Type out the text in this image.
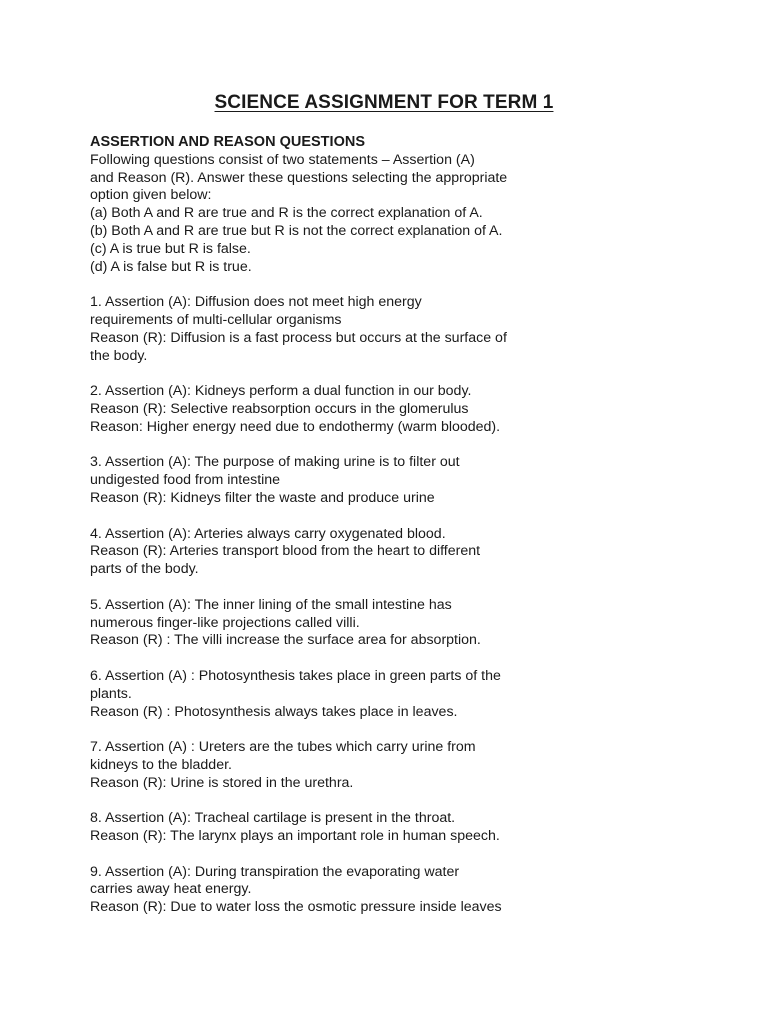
SCIENCE ASSIGNMENT FOR TERM 1
ASSERTION AND REASON QUESTIONS
Following questions consist of two statements – Assertion (A)
and Reason (R). Answer these questions selecting the appropriate
option given below:
(a) Both A and R are true and R is the correct explanation of A.
(b) Both A and R are true but R is not the correct explanation of A.
(c) A is true but R is false.
(d) A is false but R is true.
1. Assertion (A): Diffusion does not meet high energy
requirements of multi-cellular organisms
Reason (R): Diffusion is a fast process but occurs at the surface of
the body.
2. Assertion (A): Kidneys perform a dual function in our body.
Reason (R): Selective reabsorption occurs in the glomerulus
Reason: Higher energy need due to endothermy (warm blooded).
3. Assertion (A): The purpose of making urine is to filter out
undigested food from intestine
Reason (R): Kidneys filter the waste and produce urine
4. Assertion (A): Arteries always carry oxygenated blood.
Reason (R): Arteries transport blood from the heart to different
parts of the body.
5. Assertion (A): The inner lining of the small intestine has
numerous finger-like projections called villi.
Reason (R) : The villi increase the surface area for absorption.
6. Assertion (A) : Photosynthesis takes place in green parts of the
plants.
Reason (R) : Photosynthesis always takes place in leaves.
7. Assertion (A) : Ureters are the tubes which carry urine from
kidneys to the bladder.
Reason (R): Urine is stored in the urethra.
8. Assertion (A): Tracheal cartilage is present in the throat.
Reason (R): The larynx plays an important role in human speech.
9. Assertion (A): During transpiration the evaporating water
carries away heat energy.
Reason (R): Due to water loss the osmotic pressure inside leaves
